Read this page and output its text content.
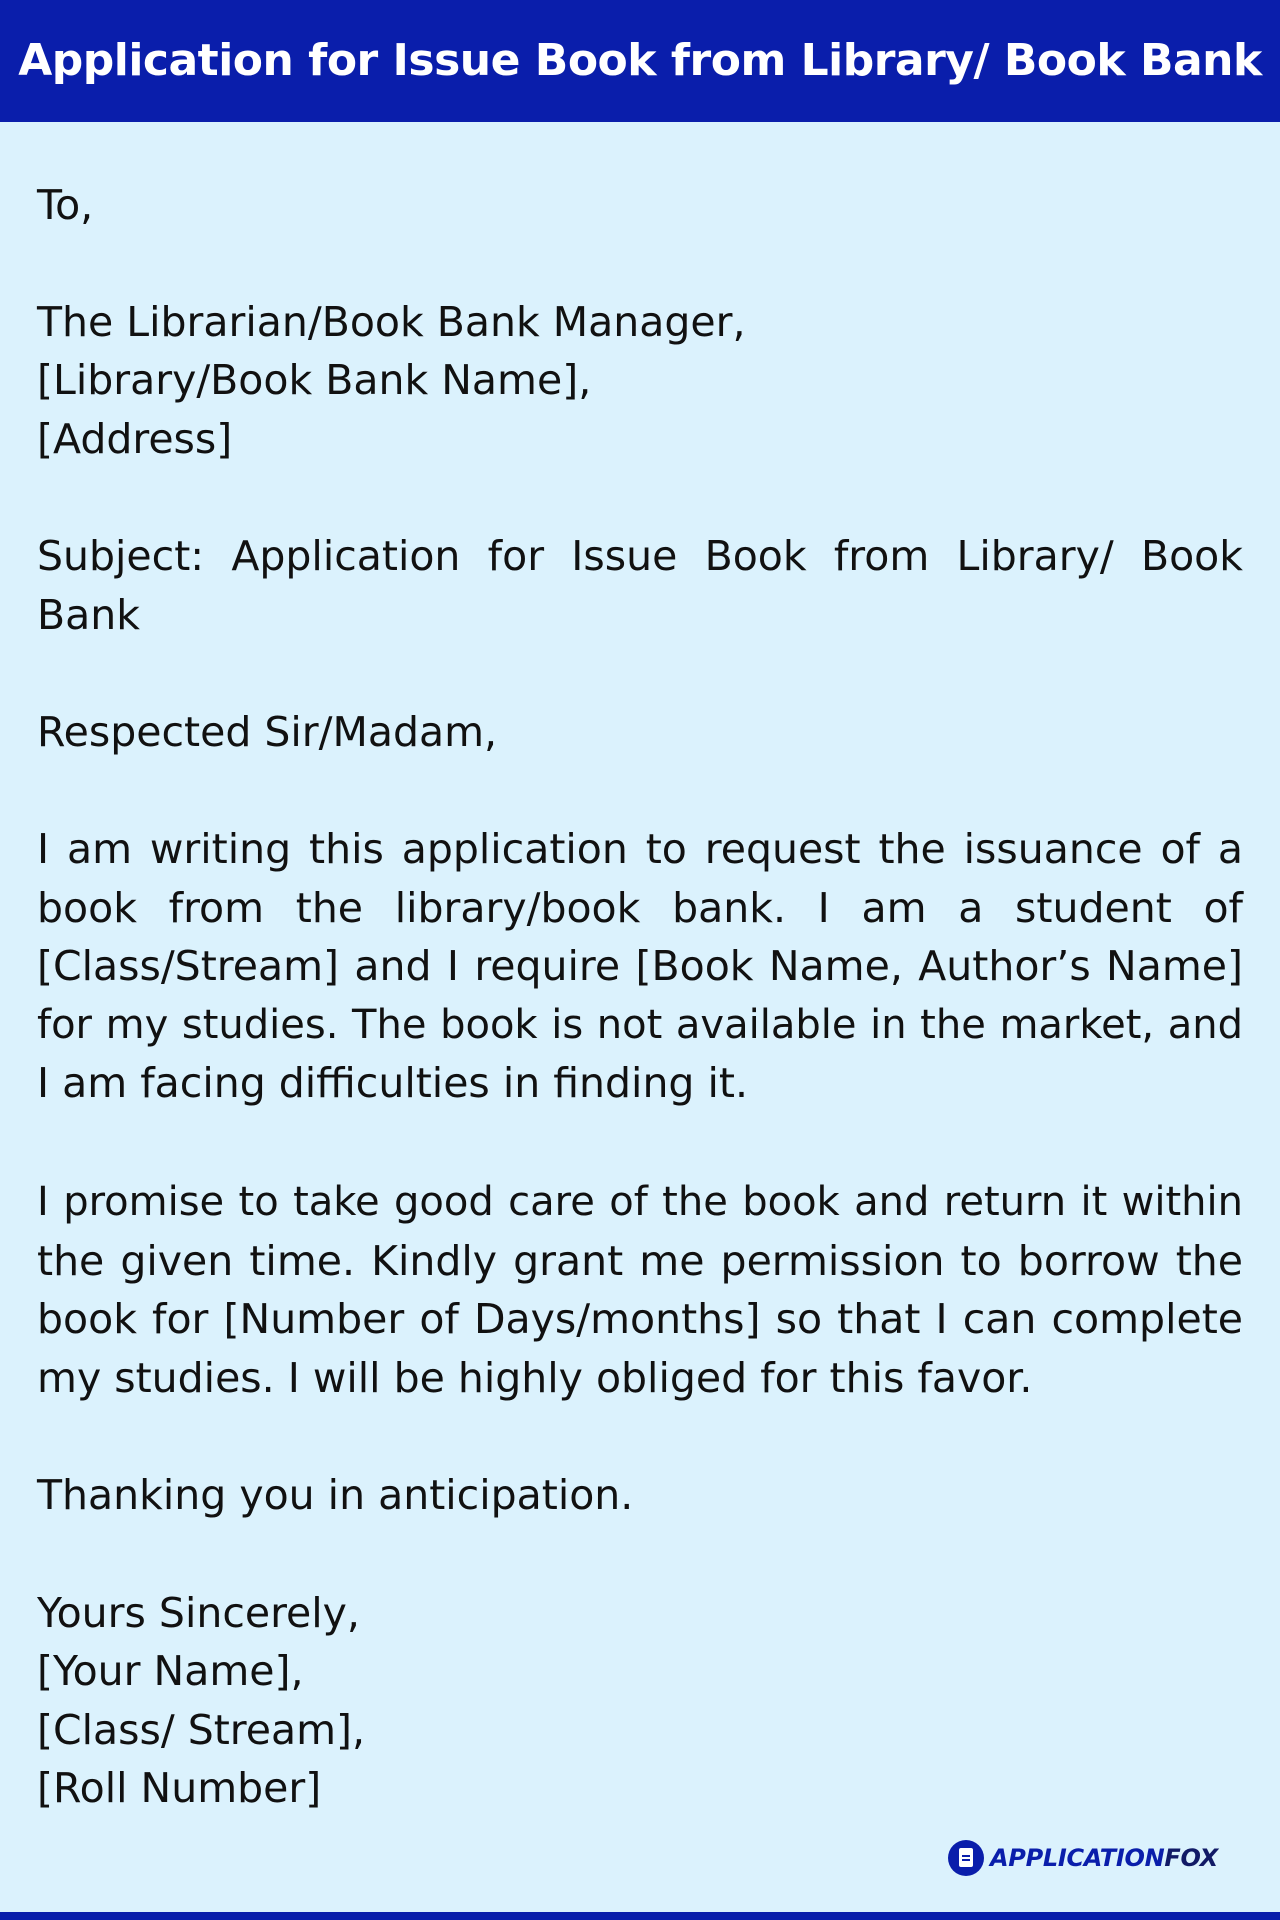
Application for Issue Book from Library/ Book Bank
To,
The Librarian/Book Bank Manager,
[Library/Book Bank Name],
[Address]
Subject: Application for Issue Book from Library/ Book
Bank
Respected Sir/Madam,
I am writing this application to request the issuance of a
book from the library/book bank. I am a student of
[Class/Stream] and I require [Book Name, Author’s Name]
for my studies. The book is not available in the market, and
I am facing difficulties in finding it.
I promise to take good care of the book and return it within
the given time. Kindly grant me permission to borrow the
book for [Number of Days/months] so that I can complete
my studies. I will be highly obliged for this favor.
Thanking you in anticipation.
Yours Sincerely,
[Your Name],
[Class/ Stream],
[Roll Number]
APPLICATIONFOX
